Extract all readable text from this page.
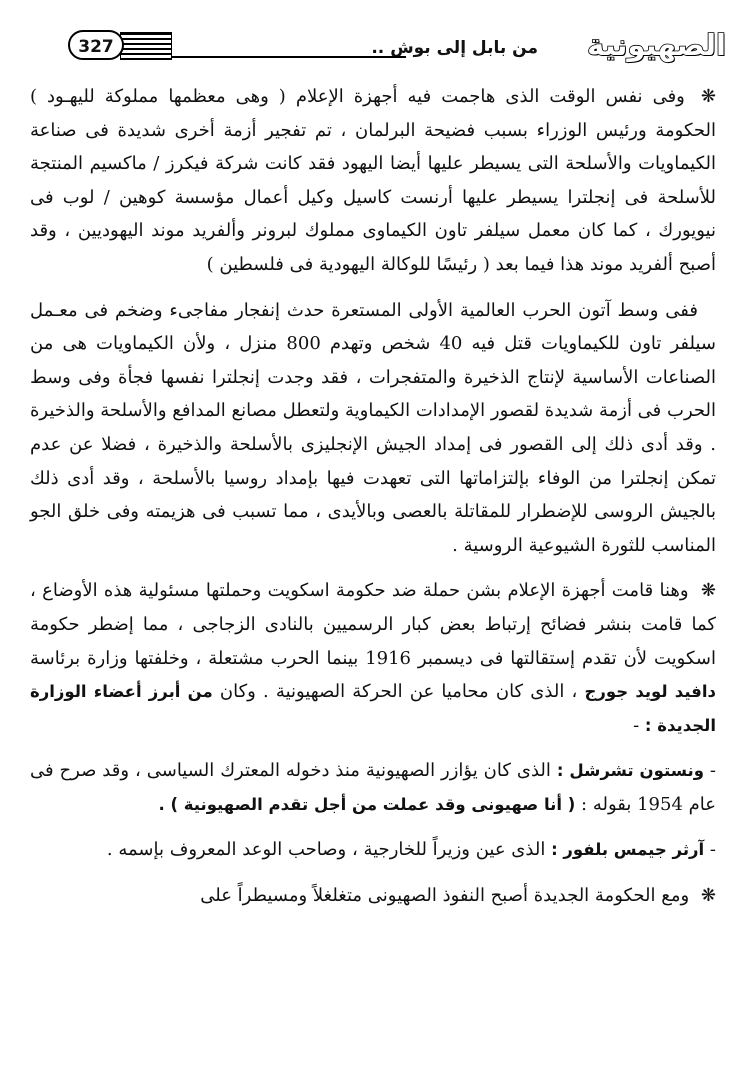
الصهيونية
.. من بابل إلى بوش
327

❋ وفى نفس الوقت الذى هاجمت فيه أجهزة الإعلام ( وهى معظمها مملوكة لليهـود ) الحكومة ورئيس الوزراء بسبب فضيحة البرلمان ، تم تفجير أزمة أخرى شديدة فى صناعة الكيماويات والأسلحة التى يسيطر عليها أيضا اليهود فقد كانت شركة فيكرز / ماكسيم المنتجة للأسلحة فى إنجلترا يسيطر عليها أرنست كاسيل وكيل أعمال مؤسسة كوهين / لوب فى نيويورك ، كما كان معمل سيلفر تاون الكيماوى مملوك لبرونر وألفريد موند اليهوديين ، وقد أصبح ألفريد موند هذا فيما بعد ( رئيسًا للوكالة اليهودية فى فلسطين )

ففى وسط آتون الحرب العالمية الأولى المستعرة حدث إنفجار مفاجىء وضخم فى معـمل سيلفر تاون للكيماويات قتل فيه 40 شخص وتهدم 800 منزل ، ولأن الكيماويات هى من الصناعات الأساسية لإنتاج الذخيرة والمتفجرات ، فقد وجدت إنجلترا نفسها فجأة وفى وسط الحرب فى أزمة شديدة لقصور الإمدادات الكيماوية ولتعطل مصانع المدافع والأسلحة والذخيرة . وقد أدى ذلك إلى القصور فى إمداد الجيش الإنجليزى بالأسلحة والذخيرة ، فضلا عن عدم تمكن إنجلترا من الوفاء بإلتزاماتها التى تعهدت فيها بإمداد روسيا بالأسلحة ، وقد أدى ذلك بالجيش الروسى للإضطرار للمقاتلة بالعصى وبالأيدى ، مما تسبب فى هزيمته وفى خلق الجو المناسب للثورة الشيوعية الروسية .

❋ وهنا قامت أجهزة الإعلام بشن حملة ضد حكومة اسكويت وحملتها مسئولية هذه الأوضاع ، كما قامت بنشر فضائح إرتباط بعض كبار الرسميين بالنادى الزجاجى ، مما إضطر حكومة اسكويت لأن تقدم إستقالتها فى ديسمبر 1916 بينما الحرب مشتعلة ، وخلفتها وزارة برئاسة دافيد لويد جورج ، الذى كان محاميا عن الحركة الصهيونية . وكان من أبرز أعضاء الوزارة الجديدة : -

- ونستون تشرشل : الذى كان يؤازر الصهيونية منذ دخوله المعترك السياسى ، وقد صرح فى عام 1954 بقوله : ( أنا صهيونى وقد عملت من أجل تقدم الصهيونية ) .

- آرثر جيمس بلفور : الذى عين وزيراً للخارجية ، وصاحب الوعد المعروف بإسمه .

❋ ومع الحكومة الجديدة أصبح النفوذ الصهيونى متغلغلاً ومسيطراً على
